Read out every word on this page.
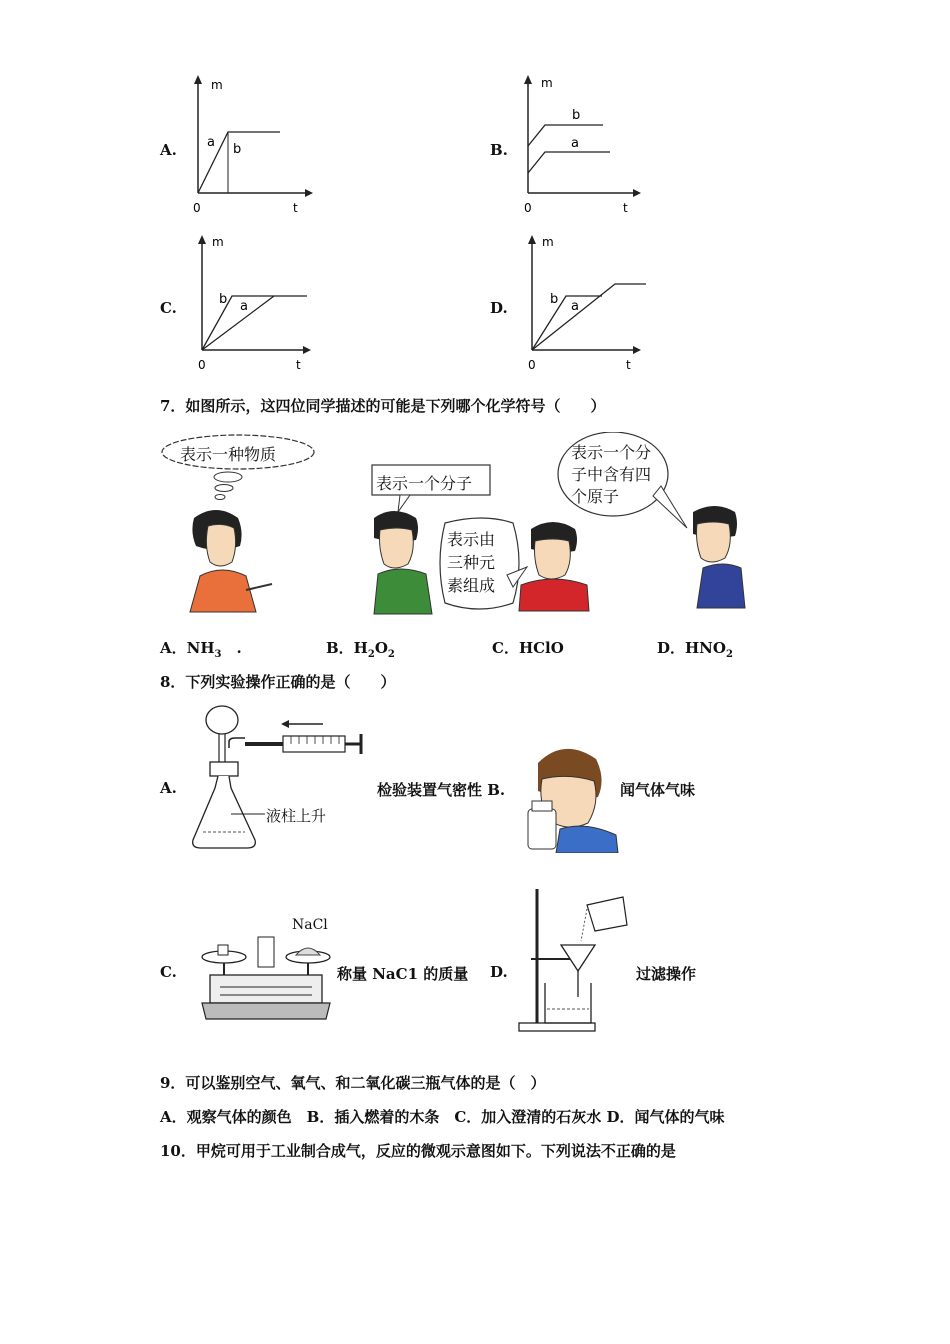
A.
m
t
0
a b	B.
m
t
0
b
a
C.
m
t
0
b a	D.
m
t
0
b a
7．如图所示，这四位同学描述的可能是下列哪个化学符号（　　）
表示一种物质
表示一个分子
表示由
三种元
素组成
表示一个分
子中含有四
个原子
A．$NH_3$　.	B．$H_2O_2$	C．HClO	D．$HNO_2$
8．下列实验操作正确的是（　　）
A.
液柱上升
检验装置气密性 B.	闻气体气味
C.
NaCl
称量 NaC1 的质量 D.	过滤操作
9．可以鉴别空气、氧气、和二氧化碳三瓶气体的是（　）
A．观察气体的颜色　B．插入燃着的木条　C．加入澄清的石灰水 D．闻气体的气味
10．甲烷可用于工业制合成气，反应的微观示意图如下。下列说法不正确的是
